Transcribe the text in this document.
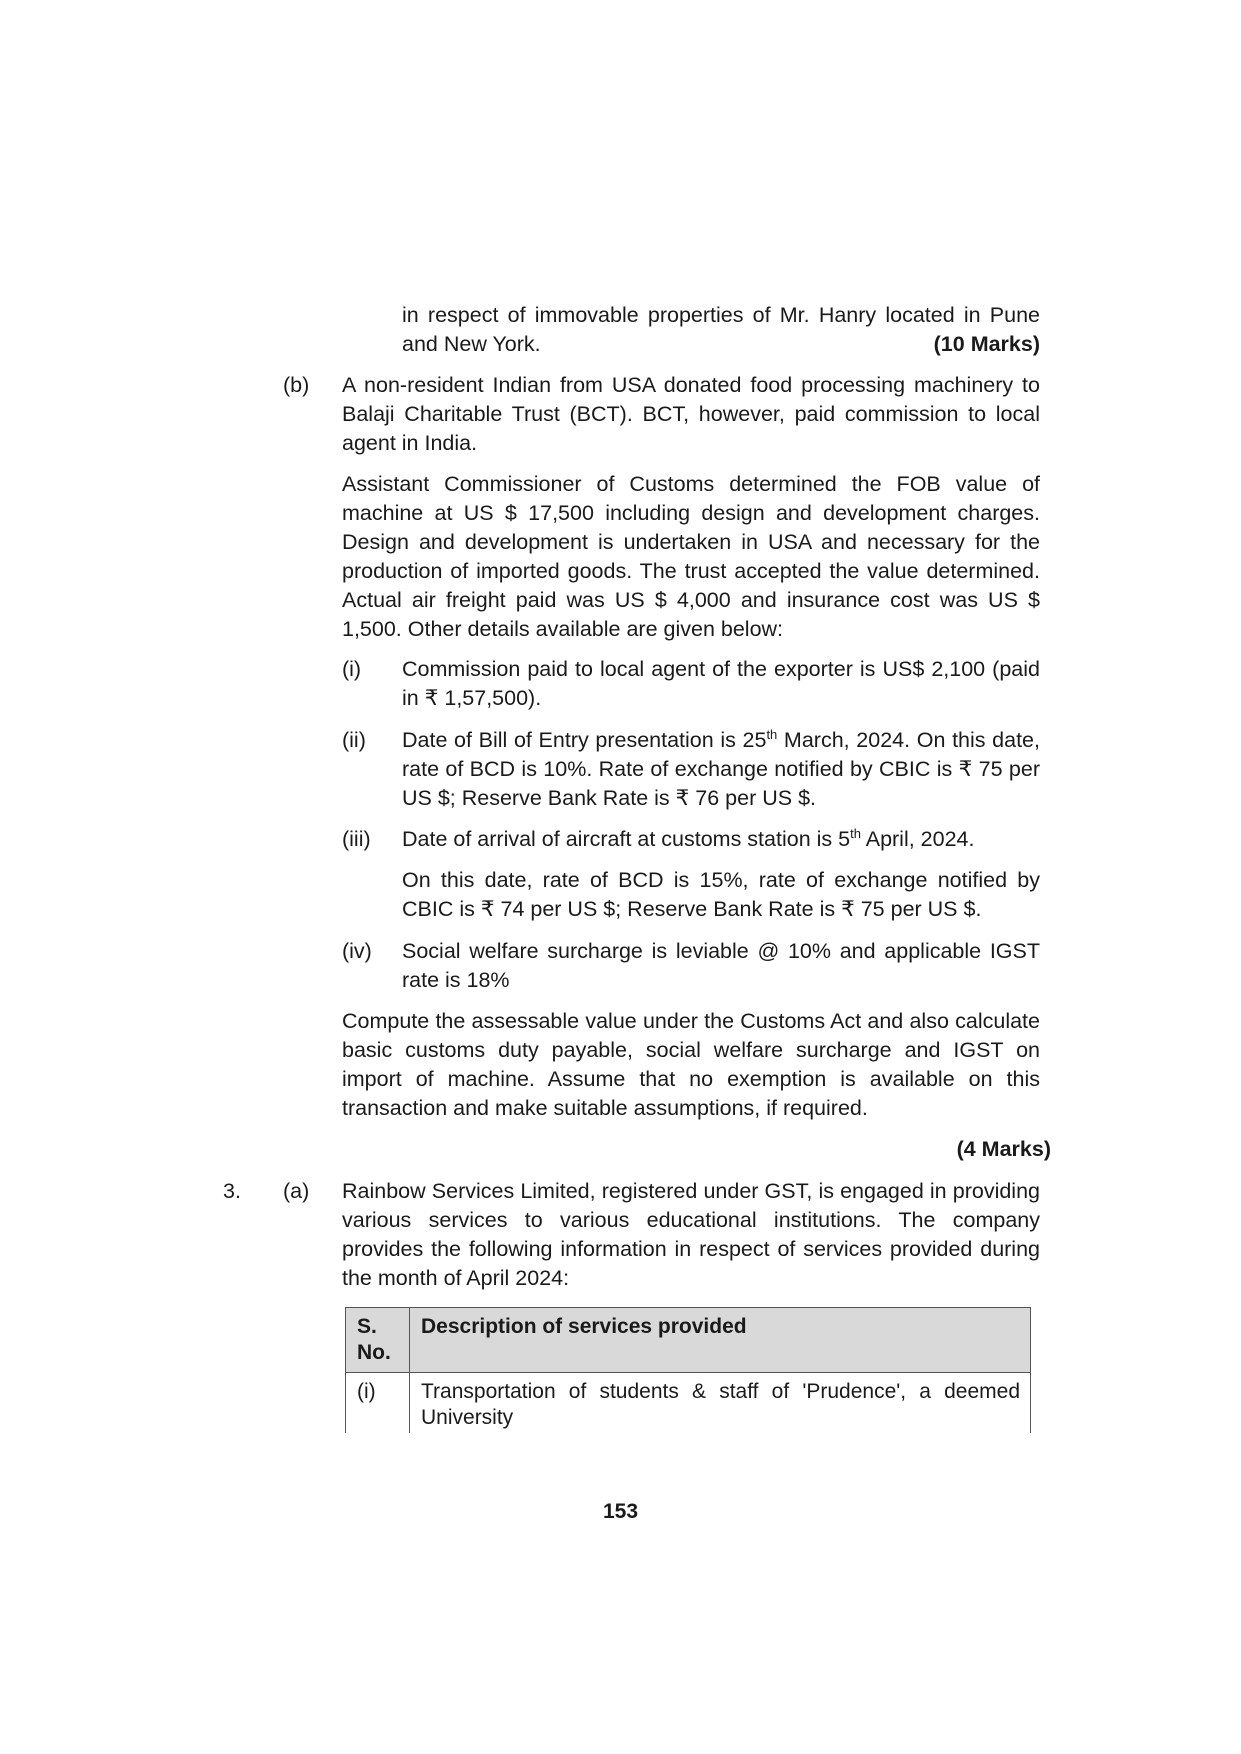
in respect of immovable properties of Mr. Hanry located in Pune and New York.	(10 Marks)

(b) A non-resident Indian from USA donated food processing machinery to Balaji Charitable Trust (BCT). BCT, however, paid commission to local agent in India.

Assistant Commissioner of Customs determined the FOB value of machine at US $ 17,500 including design and development charges. Design and development is undertaken in USA and necessary for the production of imported goods. The trust accepted the value determined. Actual air freight paid was US $ 4,000 and insurance cost was US $ 1,500. Other details available are given below:

(i) Commission paid to local agent of the exporter is US$ 2,100 (paid in ₹ 1,57,500).

(ii) Date of Bill of Entry presentation is 25th March, 2024. On this date, rate of BCD is 10%. Rate of exchange notified by CBIC is ₹ 75 per US $; Reserve Bank Rate is ₹ 76 per US $.

(iii) Date of arrival of aircraft at customs station is 5th April, 2024.

On this date, rate of BCD is 15%, rate of exchange notified by CBIC is ₹ 74 per US $; Reserve Bank Rate is ₹ 75 per US $.

(iv) Social welfare surcharge is leviable @ 10% and applicable IGST rate is 18%

Compute the assessable value under the Customs Act and also calculate basic customs duty payable, social welfare surcharge and IGST on import of machine. Assume that no exemption is available on this transaction and make suitable assumptions, if required.

(4 Marks)
3. (a) Rainbow Services Limited, registered under GST, is engaged in providing various services to various educational institutions. The company provides the following information in respect of services provided during the month of April 2024:

S. No.	Description of services provided
(i)	Transportation of students & staff of 'Prudence', a deemed University
153
